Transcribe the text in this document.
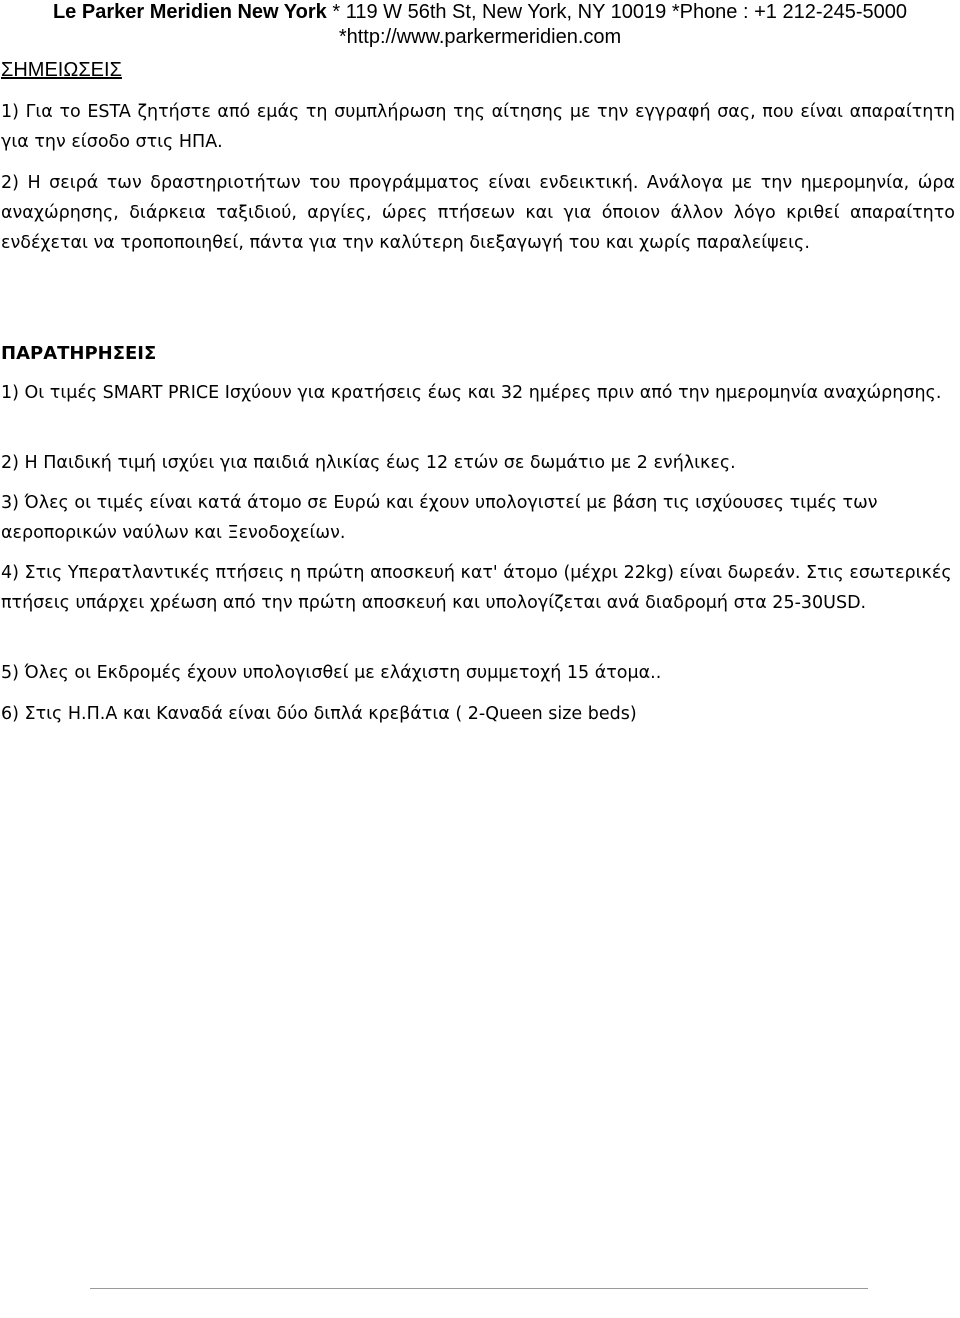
Le Parker Meridien New York * 119 W 56th St, New York, NY 10019 *Phone : +1 212-245-5000
*http://www.parkermeridien.com
ΣΗΜΕΙΩΣΕΙΣ

1) Για το ESTA ζητήστε από εμάς τη συμπλήρωση της αίτησης με την εγγραφή σας, που είναι απαραίτητη για την είσοδο στις ΗΠΑ.

2) Η σειρά των δραστηριοτήτων του προγράμματος είναι ενδεικτική. Ανάλογα με την ημερομηνία, ώρα αναχώρησης, διάρκεια ταξιδιού, αργίες, ώρες πτήσεων και για όποιον άλλον λόγο κριθεί απαραίτητο ενδέχεται να τροποποιηθεί, πάντα για την καλύτερη διεξαγωγή του και χωρίς παραλείψεις.

ΠΑΡΑΤΗΡΗΣΕΙΣ

1) Οι τιμές SMART PRICE Ισχύουν για κρατήσεις έως και 32 ημέρες πριν από την ημερομηνία αναχώρησης.

2) Η Παιδική τιμή ισχύει για παιδιά ηλικίας έως 12 ετών σε δωμάτιο με 2 ενήλικες.

3) Όλες οι τιμές είναι κατά άτομο σε Ευρώ και έχουν υπολογιστεί με βάση τις ισχύουσες τιμές των αεροπορικών ναύλων και Ξενοδοχείων.

4) Στις Υπερατλαντικές πτήσεις η πρώτη αποσκευή κατ' άτομο (μέχρι 22kg) είναι δωρεάν. Στις εσωτερικές πτήσεις υπάρχει χρέωση από την πρώτη αποσκευή και υπολογίζεται ανά διαδρομή στα 25-30USD.

5) Όλες οι Εκδρομές έχουν υπολογισθεί με ελάχιστη συμμετοχή 15 άτομα..

6) Στις Η.Π.Α και Καναδά είναι δύο διπλά κρεβάτια ( 2-Queen size beds)
